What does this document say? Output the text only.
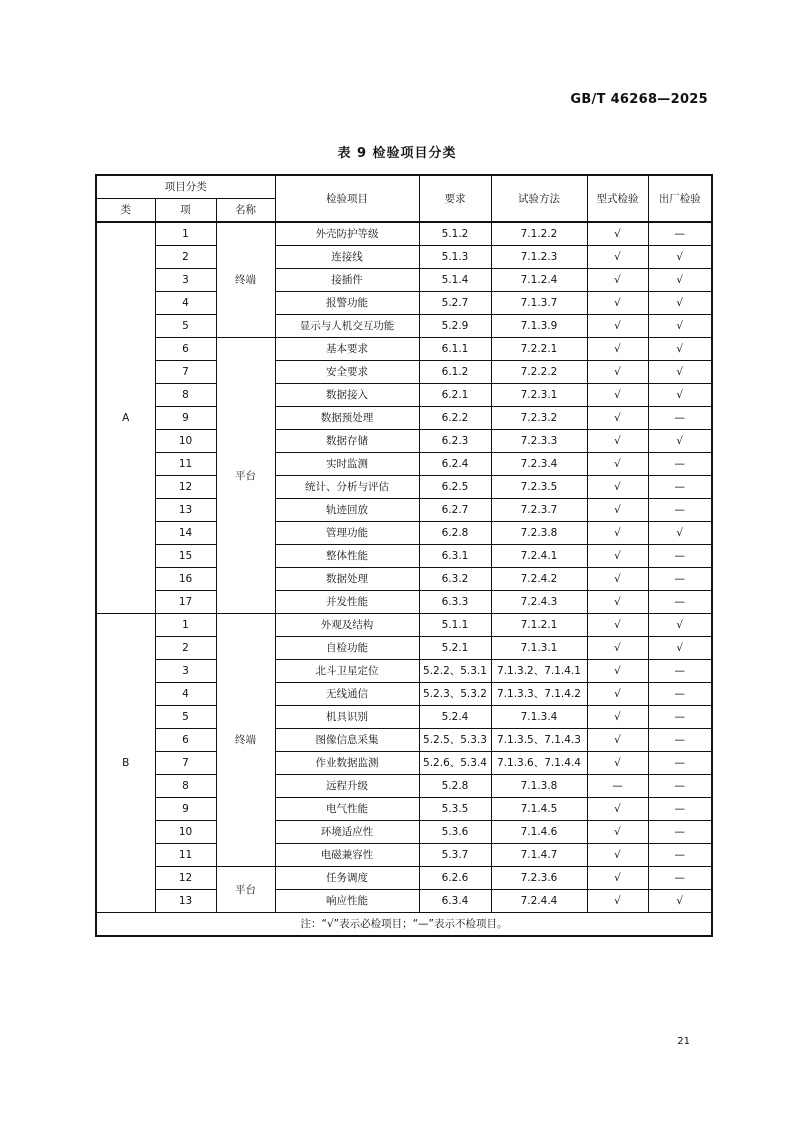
GB/T 46268—2025
表 9 检验项目分类
项目分类			检验项目	要求	试验方法	型式检验	出厂检验
类	项	名称					
A	1	终端	外壳防护等级	5.1.2	7.1.2.2	√	—
	2		连接线	5.1.3	7.1.2.3	√	√
	3		接插件	5.1.4	7.1.2.4	√	√
	4		报警功能	5.2.7	7.1.3.7	√	√
	5		显示与人机交互功能	5.2.9	7.1.3.9	√	√
	6	平台	基本要求	6.1.1	7.2.2.1	√	√
	7		安全要求	6.1.2	7.2.2.2	√	√
	8		数据接入	6.2.1	7.2.3.1	√	√
	9		数据预处理	6.2.2	7.2.3.2	√	—
	10		数据存储	6.2.3	7.2.3.3	√	√
	11		实时监测	6.2.4	7.2.3.4	√	—
	12		统计、分析与评估	6.2.5	7.2.3.5	√	—
	13		轨迹回放	6.2.7	7.2.3.7	√	—
	14		管理功能	6.2.8	7.2.3.8	√	√
	15		整体性能	6.3.1	7.2.4.1	√	—
	16		数据处理	6.3.2	7.2.4.2	√	—
	17		并发性能	6.3.3	7.2.4.3	√	—
B	1	终端	外观及结构	5.1.1	7.1.2.1	√	√
	2		自检功能	5.2.1	7.1.3.1	√	√
	3		北斗卫星定位	5.2.2、5.3.1	7.1.3.2、7.1.4.1	√	—
	4		无线通信	5.2.3、5.3.2	7.1.3.3、7.1.4.2	√	—
	5		机具识别	5.2.4	7.1.3.4	√	—
	6		图像信息采集	5.2.5、5.3.3	7.1.3.5、7.1.4.3	√	—
	7		作业数据监测	5.2.6、5.3.4	7.1.3.6、7.1.4.4	√	—
	8		远程升级	5.2.8	7.1.3.8	—	—
	9		电气性能	5.3.5	7.1.4.5	√	—
	10		环境适应性	5.3.6	7.1.4.6	√	—
	11		电磁兼容性	5.3.7	7.1.4.7	√	—
	12	平台	任务调度	6.2.6	7.2.3.6	√	—
	13		响应性能	6.3.4	7.2.4.4	√	√
注：“√”表示必检项目；“—”表示不检项目。							
21
